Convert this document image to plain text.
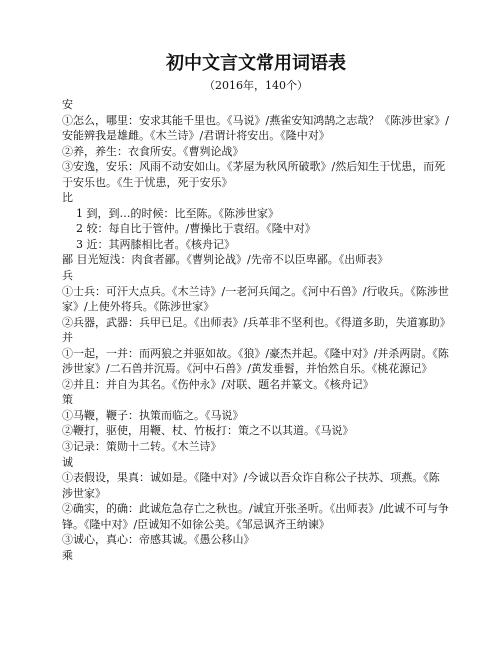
初中文言文常用词语表
（2016年，140个）
安
①怎么，哪里：安求其能千里也。《马说》/燕雀安知鸿鹄之志哉？《陈涉世家》/安能辨我是雄雌。《木兰诗》/君谓计将安出。《隆中对》
②养，养生：衣食所安。《曹刿论战》
③安逸，安乐：风雨不动安如山。《茅屋为秋风所破歌》/然后知生于忧患，而死于安乐也。《生于忧患，死于安乐》
比
1 到，到…的时候：比至陈。《陈涉世家》
2 较：每自比于管仲。/曹操比于袁绍。《隆中对》
3 近：其两膝相比者。《核舟记》
鄙 目光短浅：肉食者鄙。《曹刿论战》/先帝不以臣卑鄙。《出师表》
兵
①士兵：可汗大点兵。《木兰诗》/一老河兵闻之。《河中石兽》/行收兵。《陈涉世家》/上使外将兵。《陈涉世家》
②兵器，武器：兵甲已足。《出师表》/兵革非不坚利也。《得道多助，失道寡助》
并
①一起，一并：而两狼之并驱如故。《狼》/豪杰并起。《隆中对》/并杀两尉。《陈涉世家》/二石兽并沉焉。《河中石兽》/黄发垂髫，并怡然自乐。《桃花源记》
②并且：并自为其名。《伤仲永》/对联、题名并篆文。《核舟记》
策
①马鞭，鞭子：执策而临之。《马说》
②鞭打，驱使，用鞭、杖、竹板打：策之不以其道。《马说》
③记录：策勋十二转。《木兰诗》
诚
①表假设，果真：诚如是。《隆中对》/今诚以吾众诈自称公子扶苏、项燕。《陈涉世家》
②确实，的确：此诚危急存亡之秋也。/诚宜开张圣听。《出师表》/此诚不可与争锋。《隆中对》/臣诚知不如徐公美。《邹忌讽齐王纳谏》
③诚心，真心：帝感其诚。《愚公移山》
乘
